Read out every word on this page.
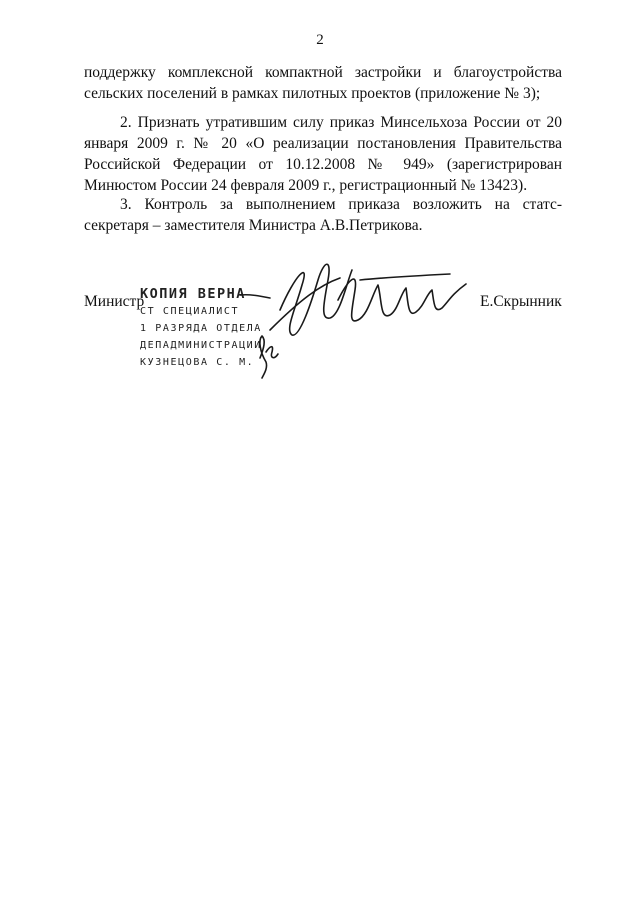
2

поддержку комплексной компактной застройки и благоустройства сельских поселений в рамках пилотных проектов (приложение № 3);

2. Признать утратившим силу приказ Минсельхоза России от 20 января 2009 г. № 20 «О реализации постановления Правительства Российской Федерации от 10.12.2008 № 949» (зарегистрирован Минюстом России 24 февраля 2009 г., регистрационный № 13423).

3. Контроль за выполнением приказа возложить на статс-секретаря – заместителя Министра А.В.Петрикова.

Министр	Е.Скрынник
КОПИЯ ВЕРНА
СТ СПЕЦИАЛИСТ
1 РАЗРЯДА ОТДЕЛА
ДЕПАДМИНИСТРАЦИИ
КУЗНЕЦОВА С. М.
